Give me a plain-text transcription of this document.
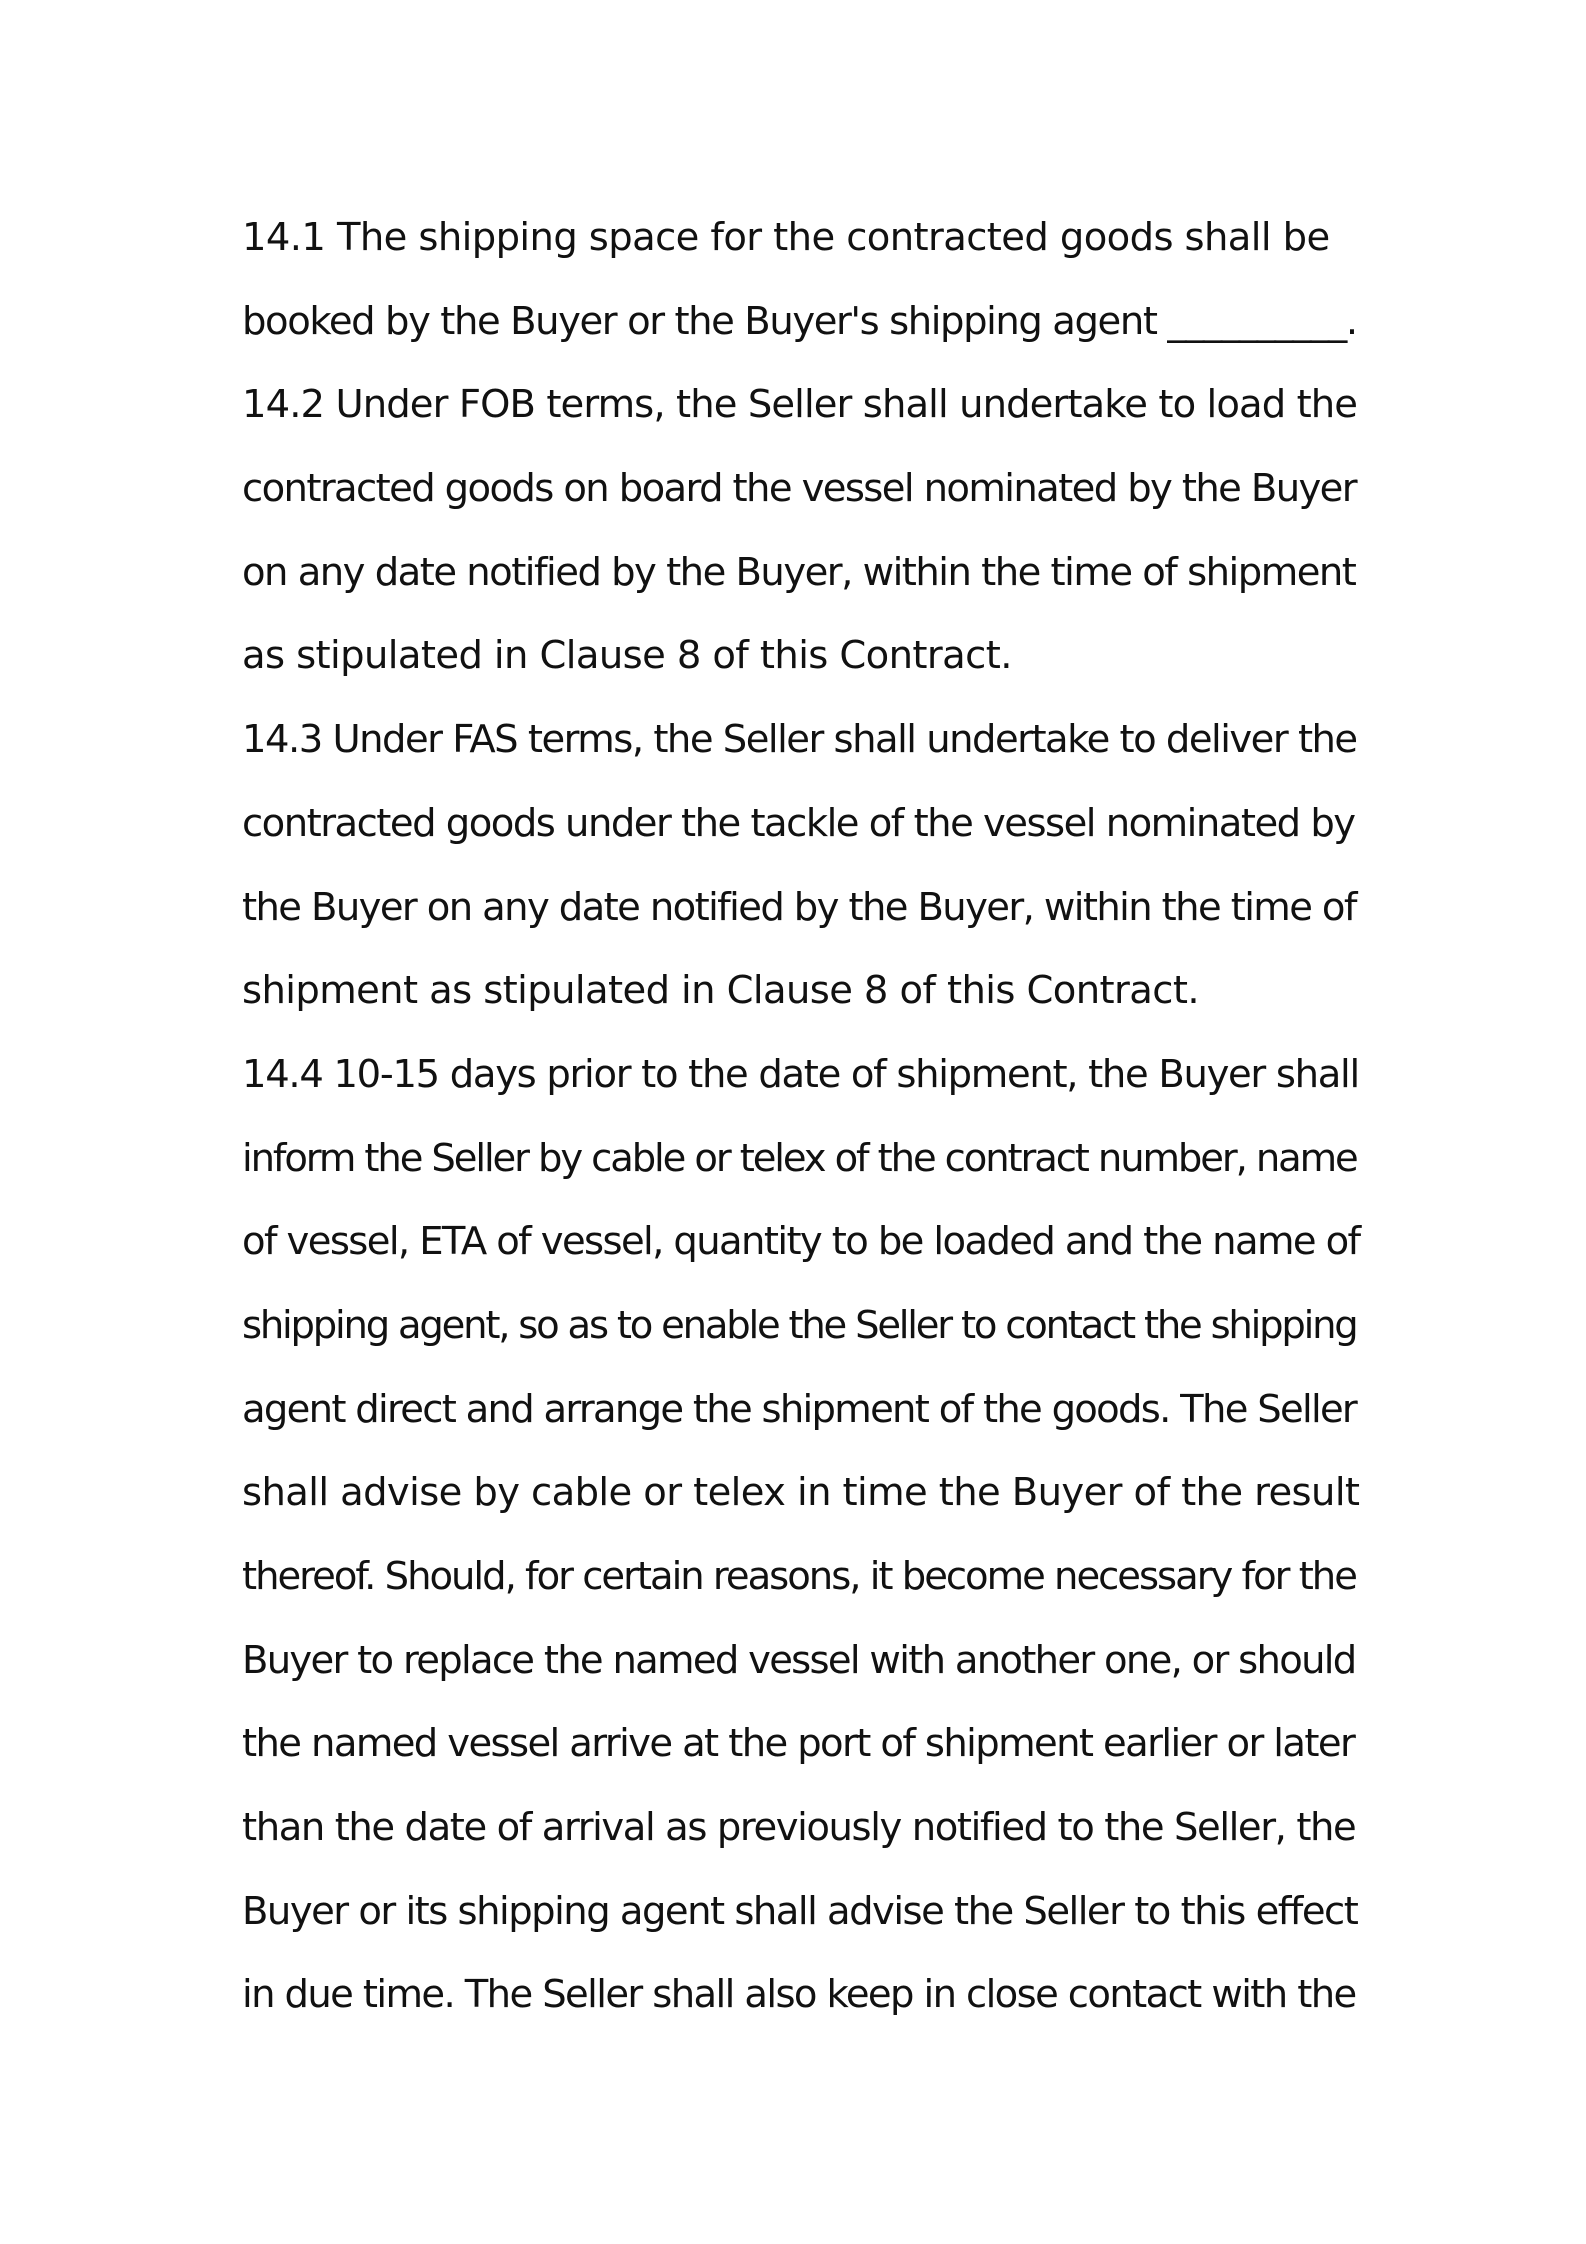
14.1 The shipping space for the contracted goods shall be
booked by the Buyer or the Buyer's shipping agent __________.
14.2 Under FOB terms, the Seller shall undertake to load the
contracted goods on board the vessel nominated by the Buyer
on any date notified by the Buyer, within the time of shipment
as stipulated in Clause 8 of this Contract.
14.3 Under FAS terms, the Seller shall undertake to deliver the
contracted goods under the tackle of the vessel nominated by
the Buyer on any date notified by the Buyer, within the time of
shipment as stipulated in Clause 8 of this Contract.
14.4 10-15 days prior to the date of shipment, the Buyer shall
inform the Seller by cable or telex of the contract number, name
of vessel, ETA of vessel, quantity to be loaded and the name of
shipping agent, so as to enable the Seller to contact the shipping
agent direct and arrange the shipment of the goods. The Seller
shall advise by cable or telex in time the Buyer of the result
thereof. Should, for certain reasons, it become necessary for the
Buyer to replace the named vessel with another one, or should
the named vessel arrive at the port of shipment earlier or later
than the date of arrival as previously notified to the Seller, the
Buyer or its shipping agent shall advise the Seller to this effect
in due time. The Seller shall also keep in close contact with the
